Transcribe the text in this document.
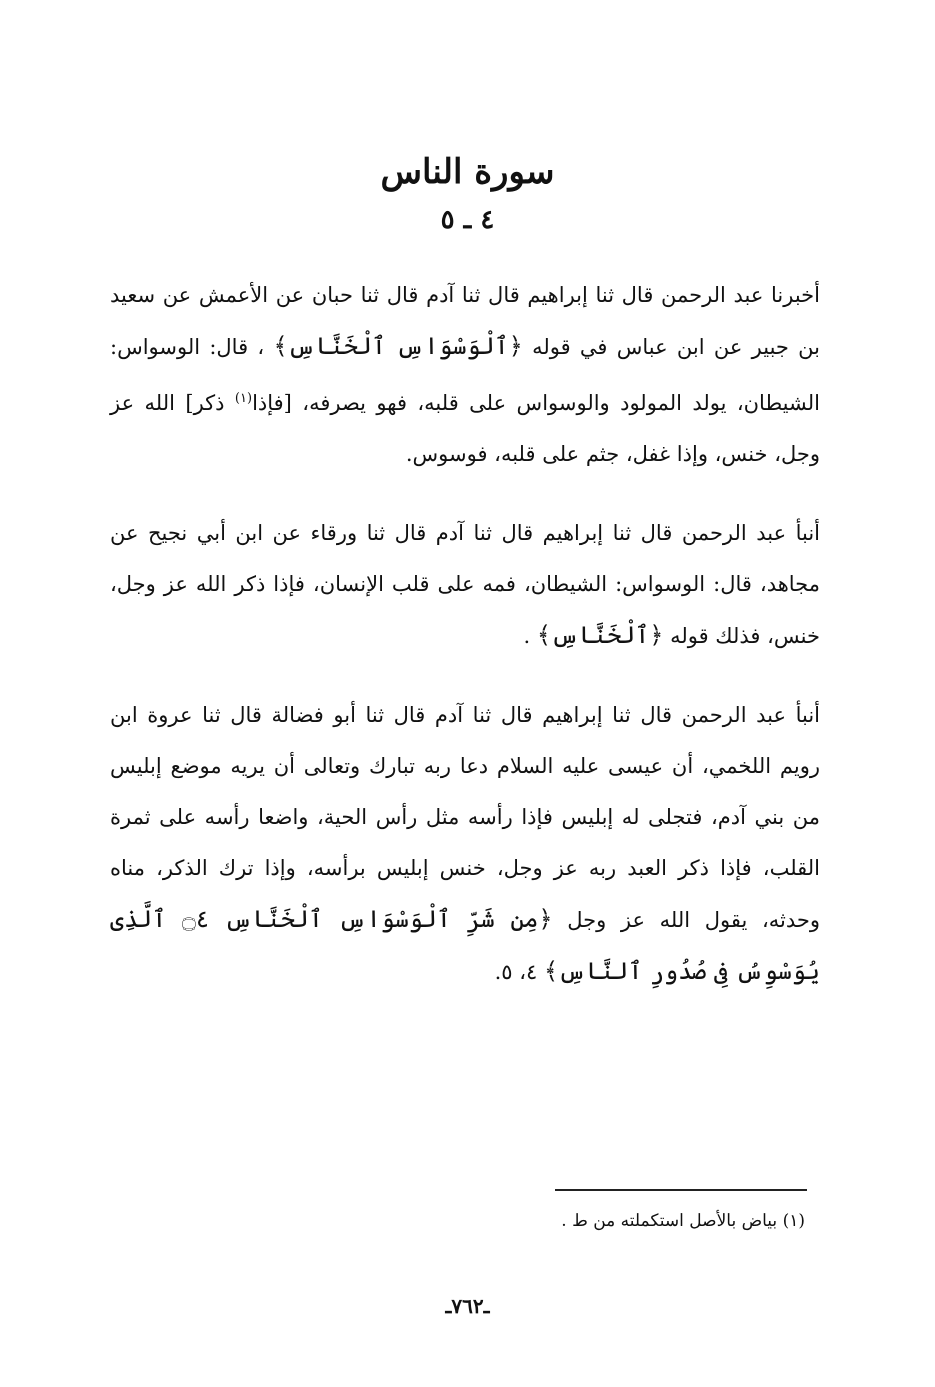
سورة الناس
٤ ـ ٥

أخبرنا عبد الرحمن قال ثنا إبراهيم قال ثنا آدم قال ثنا حبان عن الأعمش عن سعيد بن جبير عن ابن عباس في قوله ﴿ٱلْوَسْوَاسِ ٱلْخَنَّاسِ﴾ ، قال: الوسواس: الشيطان، يولد المولود والوسواس على قلبه، فهو يصرفه، [فإذا$^{(١)}$ ذكر] الله عز وجل، خنس، وإذا غفل، جثم على قلبه، فوسوس.

أنبأ عبد الرحمن قال ثنا إبراهيم قال ثنا آدم قال ثنا ورقاء عن ابن أبي نجيح عن مجاهد، قال: الوسواس: الشيطان، فمه على قلب الإنسان، فإذا ذكر الله عز وجل، خنس، فذلك قوله ﴿ٱلْخَنَّاسِ﴾ .

أنبأ عبد الرحمن قال ثنا إبراهيم قال ثنا آدم قال ثنا أبو فضالة قال ثنا عروة ابن رويم اللخمي، أن عيسى عليه السلام دعا ربه تبارك وتعالى أن يريه موضع إبليس من بني آدم، فتجلى له إبليس فإذا رأسه مثل رأس الحية، واضعا رأسه على ثمرة القلب، فإذا ذكر العبد ربه عز وجل، خنس إبليس برأسه، وإذا ترك الذكر، مناه وحدثه، يقول الله عز وجل ﴿مِن شَرِّ ٱلْوَسْوَاسِ ٱلْخَنَّاسِ ۝٤ ٱلَّذِى يُوَسْوِسُ فِى صُدُورِ ٱلنَّاسِ﴾ ٤، ٥.

(١) بياض بالأصل استكملته من ط .
ـ٧٦٢ـ
